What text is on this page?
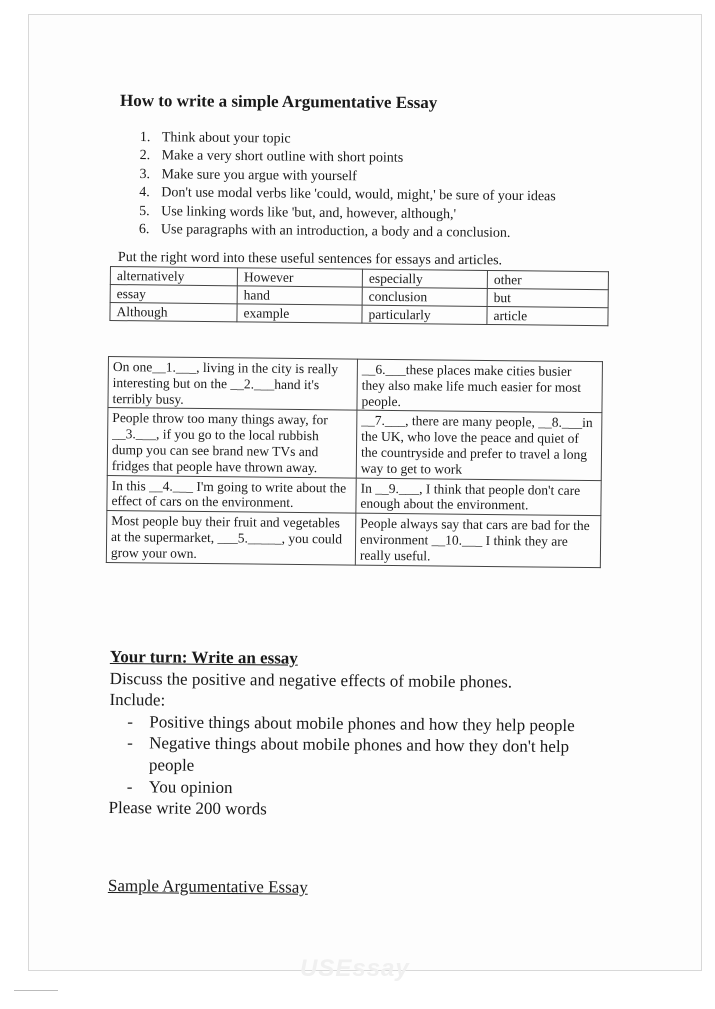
How to write a simple Argumentative Essay
1. Think about your topic
2. Make a very short outline with short points
3. Make sure you argue with yourself
4. Don't use modal verbs like 'could, would, might,' be sure of your ideas
5. Use linking words like 'but, and, however, although,'
6. Use paragraphs with an introduction, a body and a conclusion.

Put the right word into these useful sentences for essays and articles.

alternatively	However	especially	other
essay	hand	conclusion	but
Although	example	particularly	article
On one__1.___, living in the city is really interesting but on the __2.___hand it's terribly busy.	__6.___these places make cities busier they also make life much easier for most people.
People throw too many things away, for __3.___, if you go to the local rubbish dump you can see brand new TVs and fridges that people have thrown away.	__7.___, there are many people, __8.___in the UK, who love the peace and quiet of the countryside and prefer to travel a long way to get to work
In this __4.___ I'm going to write about the effect of cars on the environment.	In __9.___, I think that people don't care enough about the environment.
Most people buy their fruit and vegetables at the supermarket, ___5._____, you could grow your own.	People always say that cars are bad for the environment __10.___ I think they are really useful.

Your turn: Write an essay

Discuss the positive and negative effects of mobile phones.

Include:

- Positive things about mobile phones and how they help people
- Negative things about mobile phones and how they don't help people
- You opinion

Please write 200 words

Sample Argumentative Essay

USEssay
